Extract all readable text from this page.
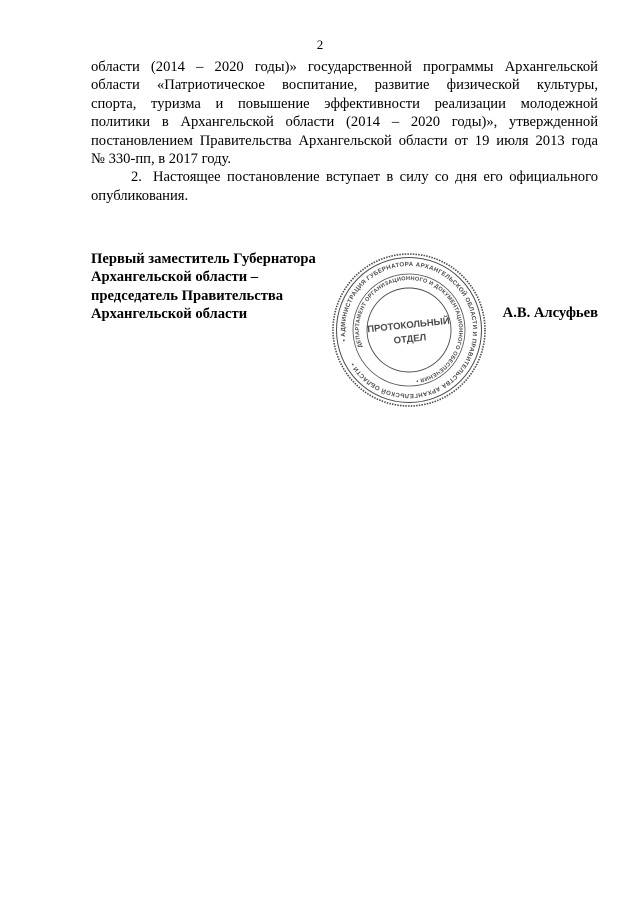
2
области (2014 – 2020 годы)» государственной программы Архангельской
области «Патриотическое воспитание, развитие физической культуры,
спорта, туризма и повышение эффективности реализации молодежной
политики в Архангельской области (2014 – 2020 годы)», утвержденной
постановлением Правительства Архангельской области от 19 июля 2013 года
№ 330-пп, в 2017 году.
2. Настоящее постановление вступает в силу со дня его официального
опубликования.
Первый заместитель Губернатора
Архангельской области –
председатель Правительства
Архангельской области	А.В. Алсуфьев
• АДМИНИСТРАЦИЯ ГУБЕРНАТОРА АРХАНГЕЛЬСКОЙ ОБЛАСТИ И ПРАВИТЕЛЬСТВА АРХАНГЕЛЬСКОЙ ОБЛАСТИ •
ДЕПАРТАМЕНТ ОРГАНИЗАЦИОННОГО И ДОКУМЕНТАЦИОННОГО ОБЕСПЕЧЕНИЯ •
ПРОТОКОЛЬНЫЙ
ОТДЕЛ
